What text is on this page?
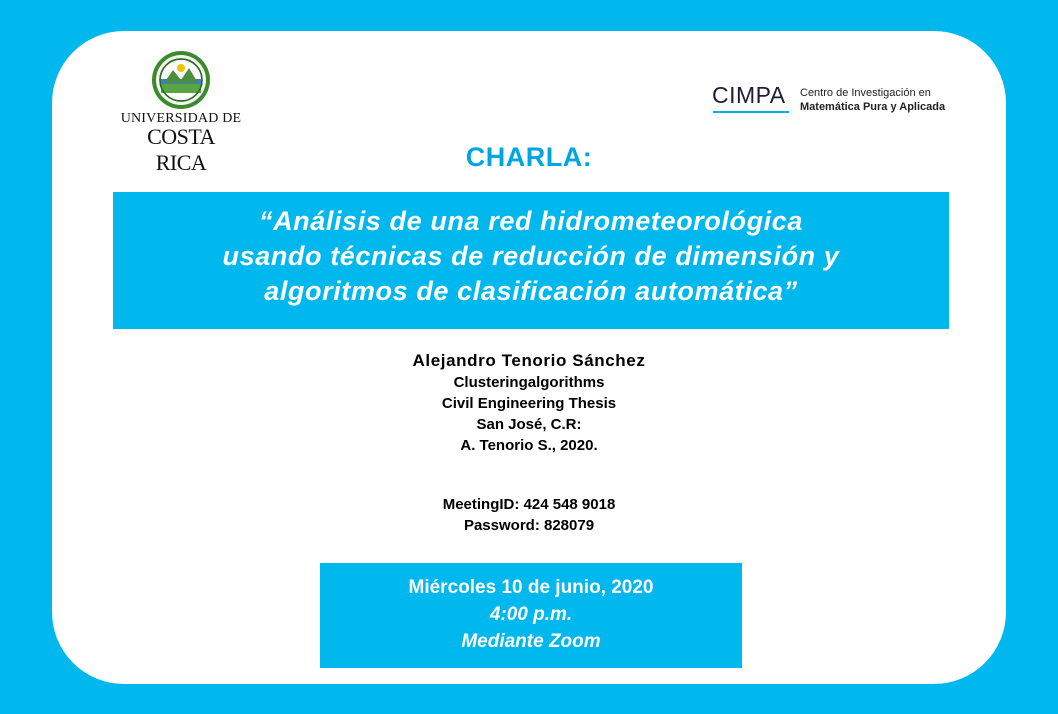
UNIVERSIDAD DE
COSTA RICA
CIMPA Centro de Investigación en
Matemática Pura y Aplicada
CHARLA:
“Análisis de una red hidrometeorológica
usando técnicas de reducción de dimensión y
algoritmos de clasificación automática”
Alejandro Tenorio Sánchez
Clusteringalgorithms
Civil Engineering Thesis
San José, C.R:
A. Tenorio S., 2020.
MeetingID: 424 548 9018
Password: 828079
Miércoles 10 de junio, 2020
4:00 p.m.
Mediante Zoom
